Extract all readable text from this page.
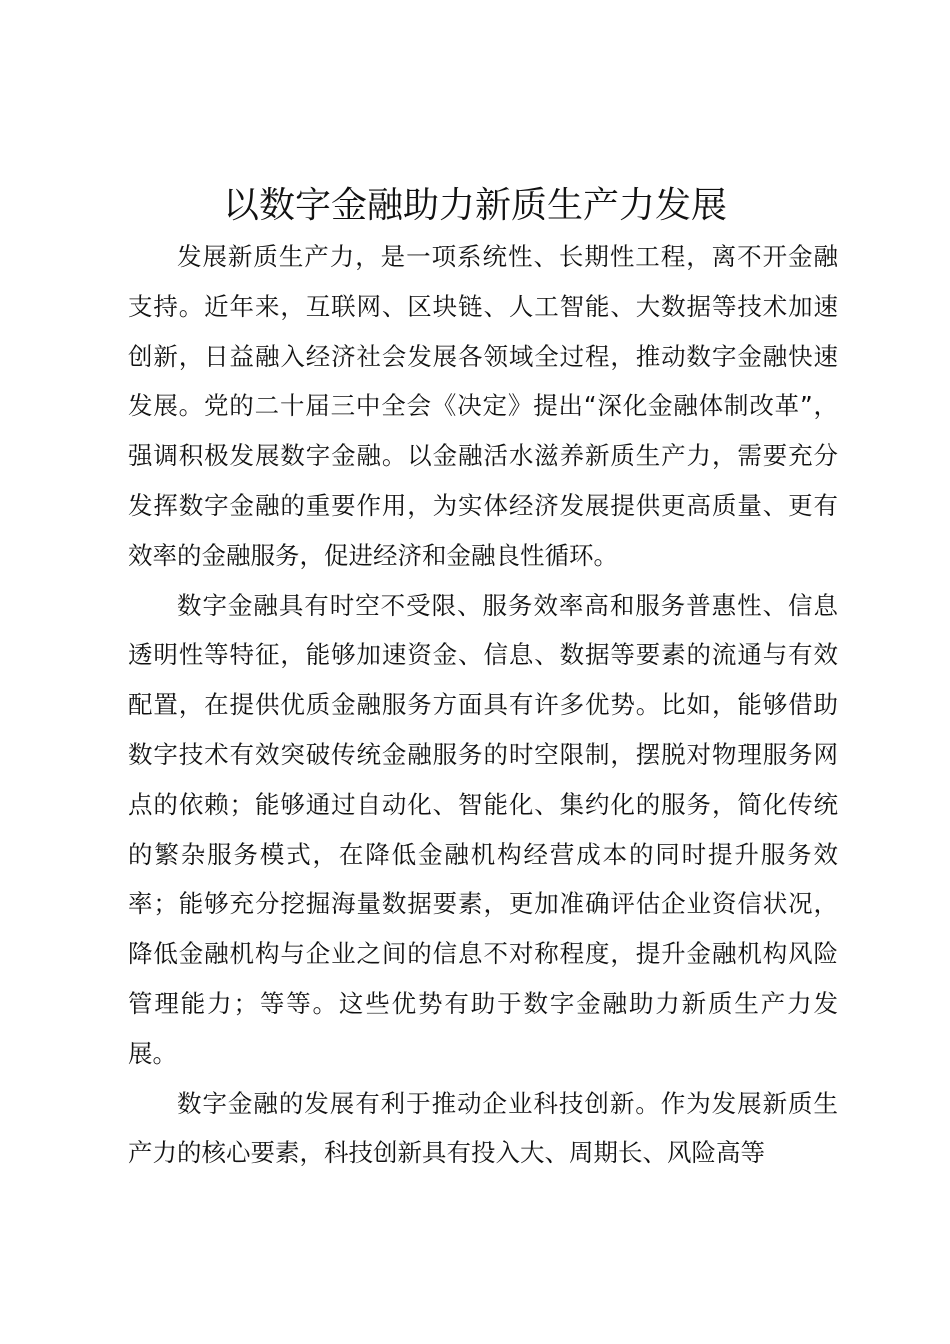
以数字金融助力新质生产力发展

发展新质生产力，是一项系统性、长期性工程，离不开金融支持。近年来，互联网、区块链、人工智能、大数据等技术加速创新，日益融入经济社会发展各领域全过程，推动数字金融快速发展。党的二十届三中全会《决定》提出“深化金融体制改革”，强调积极发展数字金融。以金融活水滋养新质生产力，需要充分发挥数字金融的重要作用，为实体经济发展提供更高质量、更有效率的金融服务，促进经济和金融良性循环。

数字金融具有时空不受限、服务效率高和服务普惠性、信息透明性等特征，能够加速资金、信息、数据等要素的流通与有效配置，在提供优质金融服务方面具有许多优势。比如，能够借助数字技术有效突破传统金融服务的时空限制，摆脱对物理服务网点的依赖；能够通过自动化、智能化、集约化的服务，简化传统的繁杂服务模式，在降低金融机构经营成本的同时提升服务效率；能够充分挖掘海量数据要素，更加准确评估企业资信状况，降低金融机构与企业之间的信息不对称程度，提升金融机构风险管理能力；等等。这些优势有助于数字金融助力新质生产力发展。

数字金融的发展有利于推动企业科技创新。作为发展新质生产力的核心要素，科技创新具有投入大、周期长、风险高等
